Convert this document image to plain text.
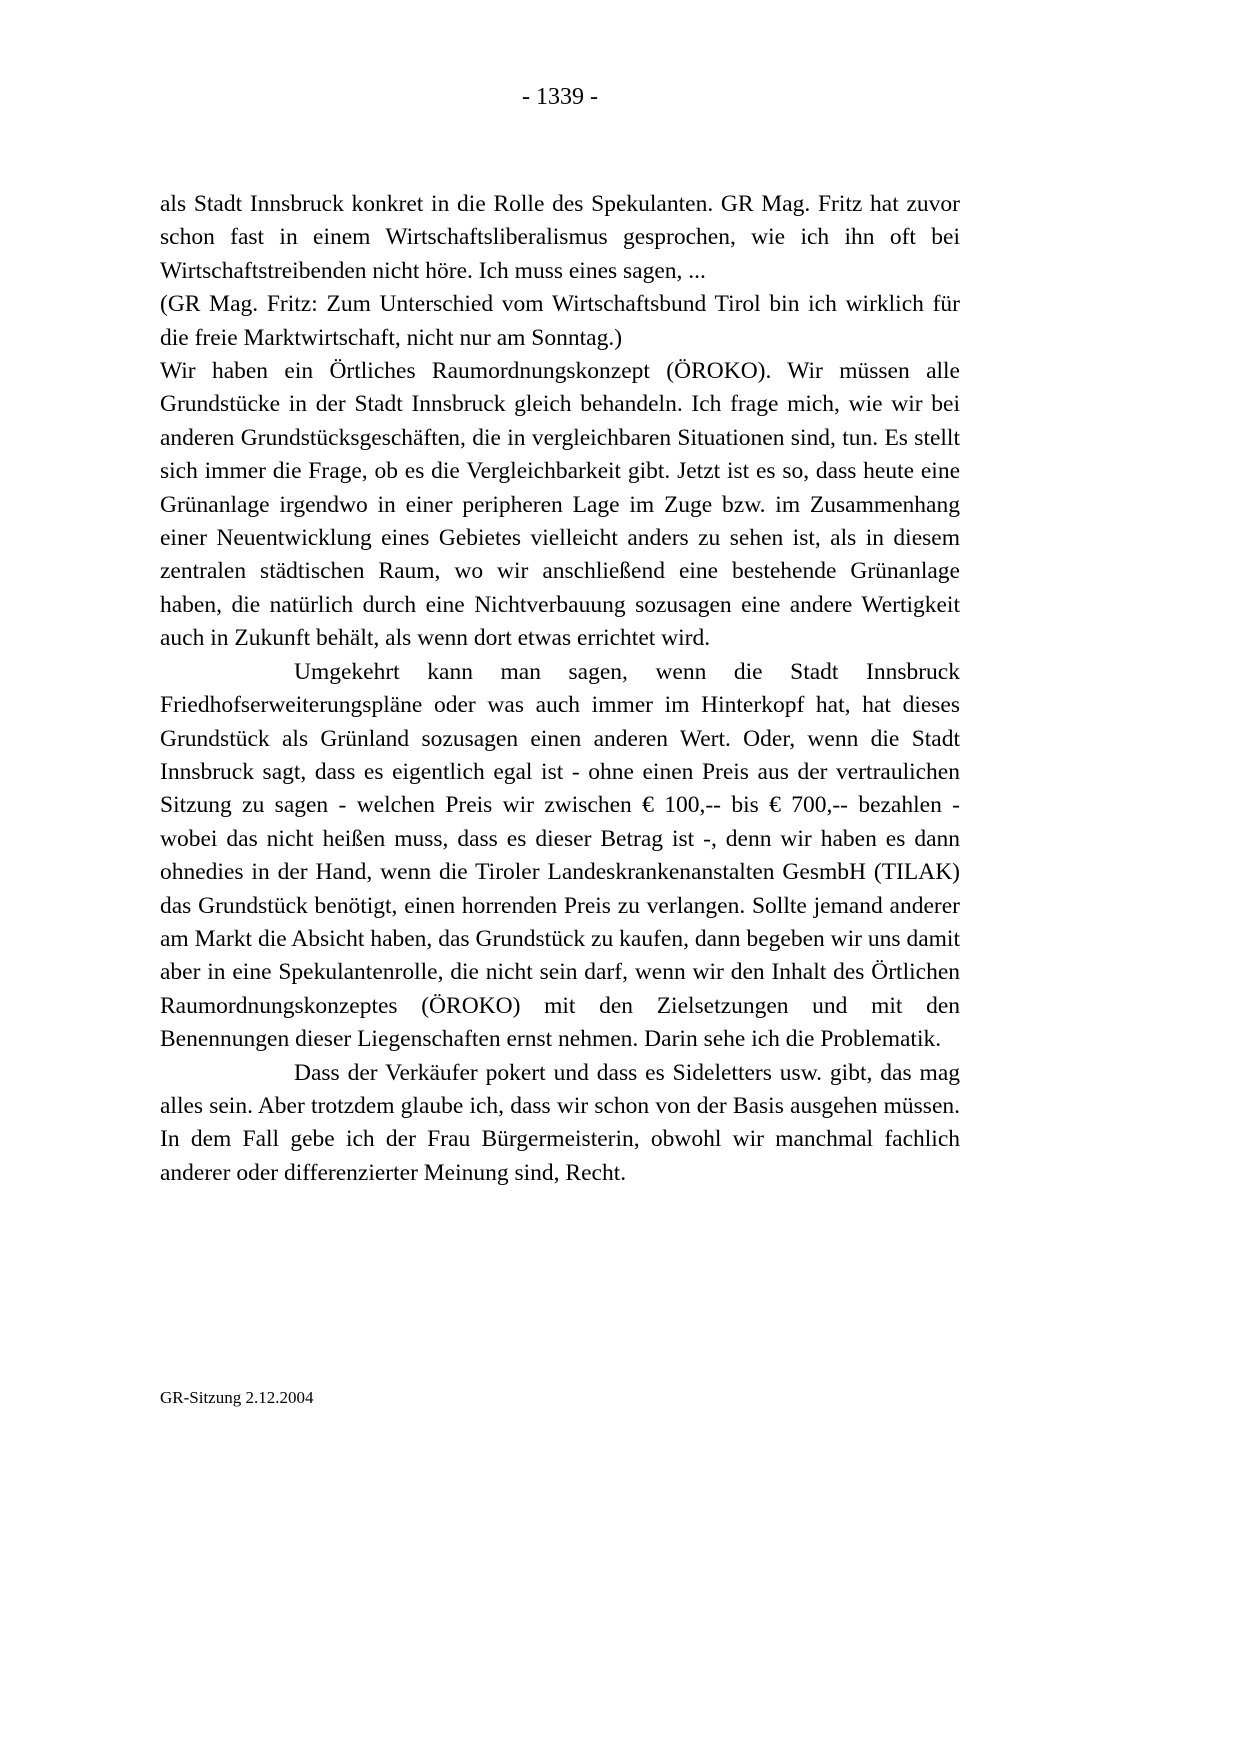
- 1339 -

als Stadt Innsbruck konkret in die Rolle des Spekulanten. GR Mag. Fritz hat zuvor schon fast in einem Wirtschaftsliberalismus gesprochen, wie ich ihn oft bei Wirtschaftstreibenden nicht höre. Ich muss eines sagen, ...

(GR Mag. Fritz: Zum Unterschied vom Wirtschaftsbund Tirol bin ich wirklich für die freie Marktwirtschaft, nicht nur am Sonntag.)

Wir haben ein Örtliches Raumordnungskonzept (ÖROKO). Wir müssen alle Grundstücke in der Stadt Innsbruck gleich behandeln. Ich frage mich, wie wir bei anderen Grundstücksgeschäften, die in vergleichbaren Situationen sind, tun. Es stellt sich immer die Frage, ob es die Vergleichbarkeit gibt. Jetzt ist es so, dass heute eine Grünanlage irgendwo in einer peripheren Lage im Zuge bzw. im Zusammenhang einer Neuentwicklung eines Gebietes vielleicht anders zu sehen ist, als in diesem zentralen städtischen Raum, wo wir anschließend eine bestehende Grünanlage haben, die natürlich durch eine Nichtverbauung sozusagen eine andere Wertigkeit auch in Zukunft behält, als wenn dort etwas errichtet wird.

Umgekehrt kann man sagen, wenn die Stadt Innsbruck Friedhofserweiterungspläne oder was auch immer im Hinterkopf hat, hat dieses Grundstück als Grünland sozusagen einen anderen Wert. Oder, wenn die Stadt Innsbruck sagt, dass es eigentlich egal ist - ohne einen Preis aus der vertraulichen Sitzung zu sagen - welchen Preis wir zwischen € 100,-- bis € 700,-- bezahlen - wobei das nicht heißen muss, dass es dieser Betrag ist -, denn wir haben es dann ohnedies in der Hand, wenn die Tiroler Landeskrankenanstalten GesmbH (TILAK) das Grundstück benötigt, einen horrenden Preis zu verlangen. Sollte jemand anderer am Markt die Absicht haben, das Grundstück zu kaufen, dann begeben wir uns damit aber in eine Spekulantenrolle, die nicht sein darf, wenn wir den Inhalt des Örtlichen Raumordnungskonzeptes (ÖROKO) mit den Zielsetzungen und mit den Benennungen dieser Liegenschaften ernst nehmen. Darin sehe ich die Problematik.

Dass der Verkäufer pokert und dass es Sideletters usw. gibt, das mag alles sein. Aber trotzdem glaube ich, dass wir schon von der Basis ausgehen müssen. In dem Fall gebe ich der Frau Bürgermeisterin, obwohl wir manchmal fachlich anderer oder differenzierter Meinung sind, Recht.

GR-Sitzung 2.12.2004
